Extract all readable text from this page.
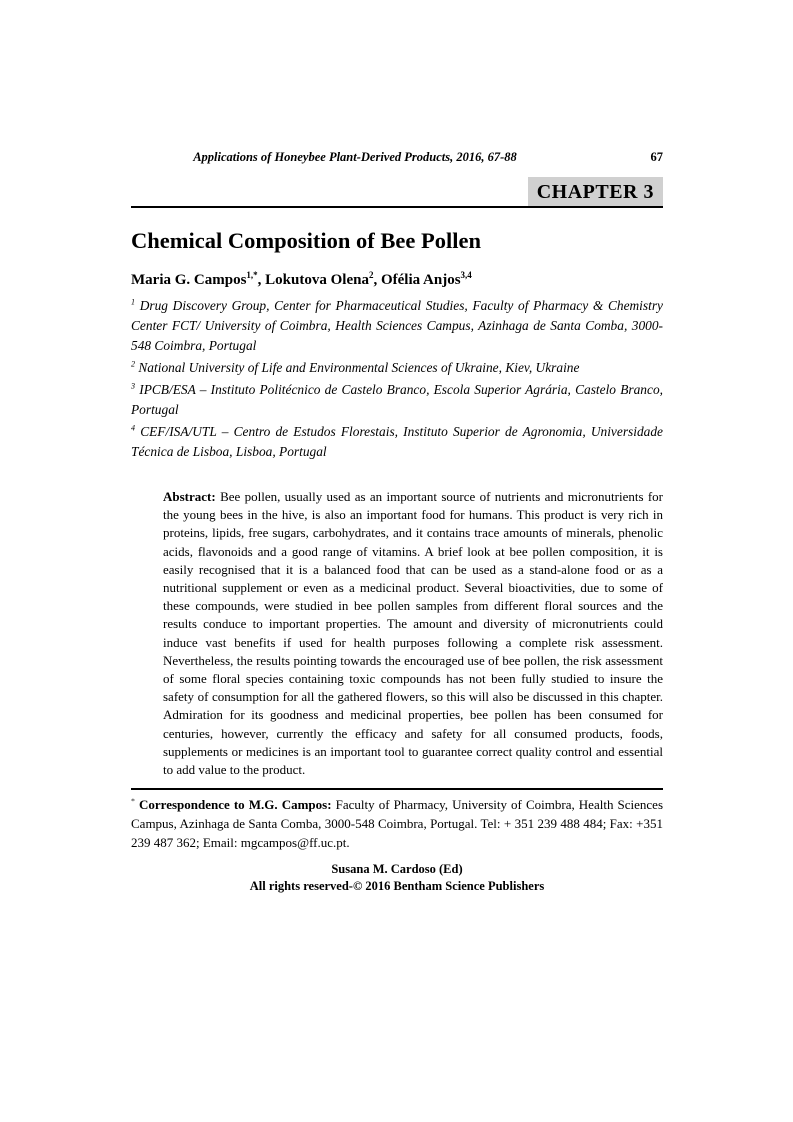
Applications of Honeybee Plant-Derived Products, 2016, 67-88	67
CHAPTER 3
Chemical Composition of Bee Pollen

Maria G. Campos$^{1,*}$, Lokutova Olena$^2$, Ofélia Anjos$^{3,4}$

$^1$ Drug Discovery Group, Center for Pharmaceutical Studies, Faculty of Pharmacy & Chemistry Center FCT/ University of Coimbra, Health Sciences Campus, Azinhaga de Santa Comba, 3000-548 Coimbra, Portugal

$^2$ National University of Life and Environmental Sciences of Ukraine, Kiev, Ukraine

$^3$ IPCB/ESA – Instituto Politécnico de Castelo Branco, Escola Superior Agrária, Castelo Branco, Portugal

$^4$ CEF/ISA/UTL – Centro de Estudos Florestais, Instituto Superior de Agronomia, Universidade Técnica de Lisboa, Lisboa, Portugal

Abstract: Bee pollen, usually used as an important source of nutrients and micronutrients for the young bees in the hive, is also an important food for humans. This product is very rich in proteins, lipids, free sugars, carbohydrates, and it contains trace amounts of minerals, phenolic acids, flavonoids and a good range of vitamins. A brief look at bee pollen composition, it is easily recognised that it is a balanced food that can be used as a stand-alone food or as a nutritional supplement or even as a medicinal product. Several bioactivities, due to some of these compounds, were studied in bee pollen samples from different floral sources and the results conduce to important properties. The amount and diversity of micronutrients could induce vast benefits if used for health purposes following a complete risk assessment. Nevertheless, the results pointing towards the encouraged use of bee pollen, the risk assessment of some floral species containing toxic compounds has not been fully studied to insure the safety of consumption for all the gathered flowers, so this will also be discussed in this chapter. Admiration for its goodness and medicinal properties, bee pollen has been consumed for centuries, however, currently the efficacy and safety for all consumed products, foods, supplements or medicines is an important tool to guarantee correct quality control and essential to add value to the product.

* Correspondence to M.G. Campos: Faculty of Pharmacy, University of Coimbra, Health Sciences Campus, Azinhaga de Santa Comba, 3000-548 Coimbra, Portugal. Tel: + 351 239 488 484; Fax: +351 239 487 362; Email: mgcampos@ff.uc.pt.

Susana M. Cardoso (Ed)
All rights reserved-© 2016 Bentham Science Publishers
